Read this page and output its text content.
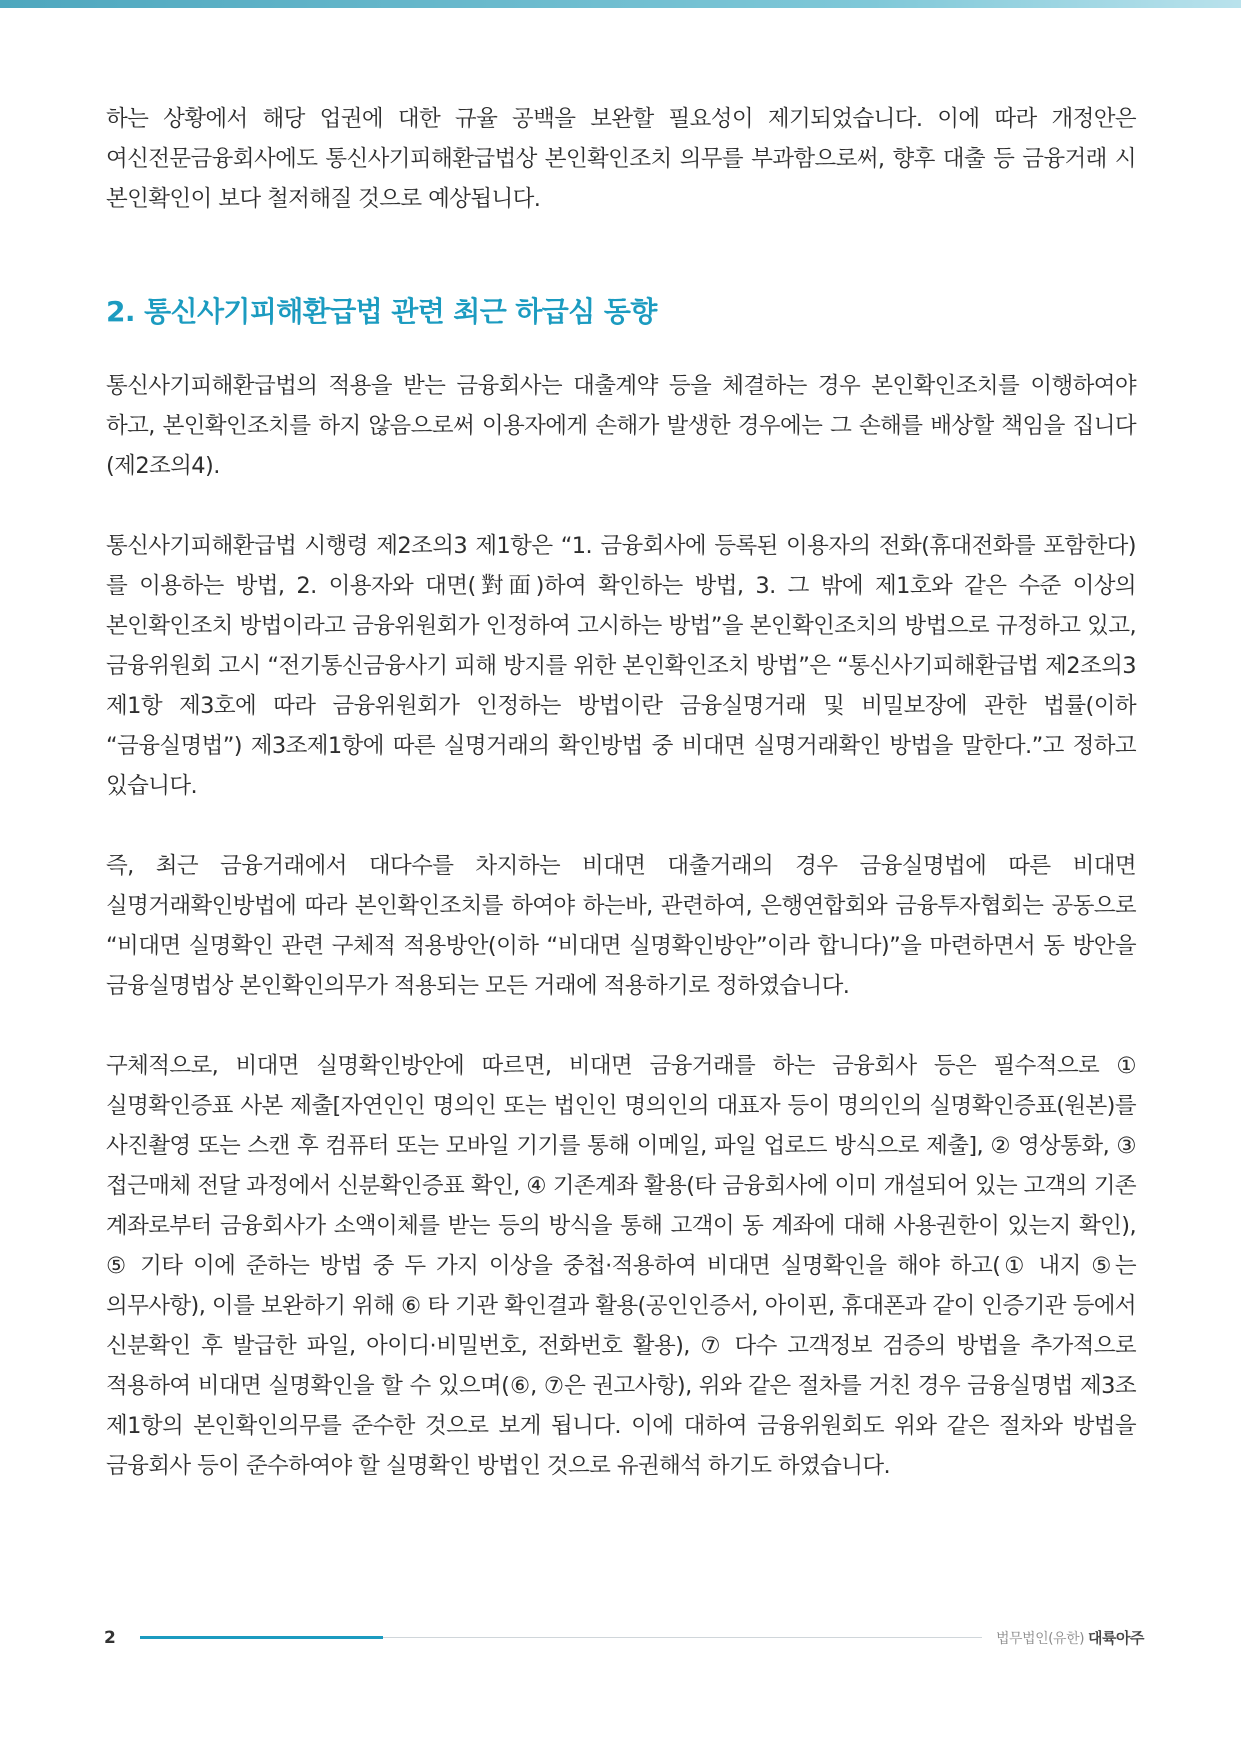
하는 상황에서 해당 업권에 대한 규율 공백을 보완할 필요성이 제기되었습니다. 이에 따라 개정안은 여신전문금융회사에도 통신사기피해환급법상 본인확인조치 의무를 부과함으로써, 향후 대출 등 금융거래 시 본인확인이 보다 철저해질 것으로 예상됩니다.

2. 통신사기피해환급법 관련 최근 하급심 동향

통신사기피해환급법의 적용을 받는 금융회사는 대출계약 등을 체결하는 경우 본인확인조치를 이행하여야 하고, 본인확인조치를 하지 않음으로써 이용자에게 손해가 발생한 경우에는 그 손해를 배상할 책임을 집니다(제2조의4).

통신사기피해환급법 시행령 제2조의3 제1항은 “1. 금융회사에 등록된 이용자의 전화(휴대전화를 포함한다)를 이용하는 방법, 2. 이용자와 대면(對面)하여 확인하는 방법, 3. 그 밖에 제1호와 같은 수준 이상의 본인확인조치 방법이라고 금융위원회가 인정하여 고시하는 방법”을 본인확인조치의 방법으로 규정하고 있고, 금융위원회 고시 “전기통신금융사기 피해 방지를 위한 본인확인조치 방법”은 “통신사기피해환급법 제2조의3 제1항 제3호에 따라 금융위원회가 인정하는 방법이란 금융실명거래 및 비밀보장에 관한 법률(이하 “금융실명법”) 제3조제1항에 따른 실명거래의 확인방법 중 비대면 실명거래확인 방법을 말한다.”고 정하고 있습니다.

즉, 최근 금융거래에서 대다수를 차지하는 비대면 대출거래의 경우 금융실명법에 따른 비대면 실명거래확인방법에 따라 본인확인조치를 하여야 하는바, 관련하여, 은행연합회와 금융투자협회는 공동으로 “비대면 실명확인 관련 구체적 적용방안(이하 “비대면 실명확인방안”이라 합니다)”을 마련하면서 동 방안을 금융실명법상 본인확인의무가 적용되는 모든 거래에 적용하기로 정하였습니다.

구체적으로, 비대면 실명확인방안에 따르면, 비대면 금융거래를 하는 금융회사 등은 필수적으로 ① 실명확인증표 사본 제출[자연인인 명의인 또는 법인인 명의인의 대표자 등이 명의인의 실명확인증표(원본)를 사진촬영 또는 스캔 후 컴퓨터 또는 모바일 기기를 통해 이메일, 파일 업로드 방식으로 제출], ② 영상통화, ③ 접근매체 전달 과정에서 신분확인증표 확인, ④ 기존계좌 활용(타 금융회사에 이미 개설되어 있는 고객의 기존 계좌로부터 금융회사가 소액이체를 받는 등의 방식을 통해 고객이 동 계좌에 대해 사용권한이 있는지 확인), ⑤ 기타 이에 준하는 방법 중 두 가지 이상을 중첩·적용하여 비대면 실명확인을 해야 하고(① 내지 ⑤는 의무사항), 이를 보완하기 위해 ⑥ 타 기관 확인결과 활용(공인인증서, 아이핀, 휴대폰과 같이 인증기관 등에서 신분확인 후 발급한 파일, 아이디·비밀번호, 전화번호 활용), ⑦ 다수 고객정보 검증의 방법을 추가적으로 적용하여 비대면 실명확인을 할 수 있으며(⑥, ⑦은 권고사항), 위와 같은 절차를 거친 경우 금융실명법 제3조 제1항의 본인확인의무를 준수한 것으로 보게 됩니다. 이에 대하여 금융위원회도 위와 같은 절차와 방법을 금융회사 등이 준수하여야 할 실명확인 방법인 것으로 유권해석 하기도 하였습니다.

2	법무법인(유한) 대륙아주
